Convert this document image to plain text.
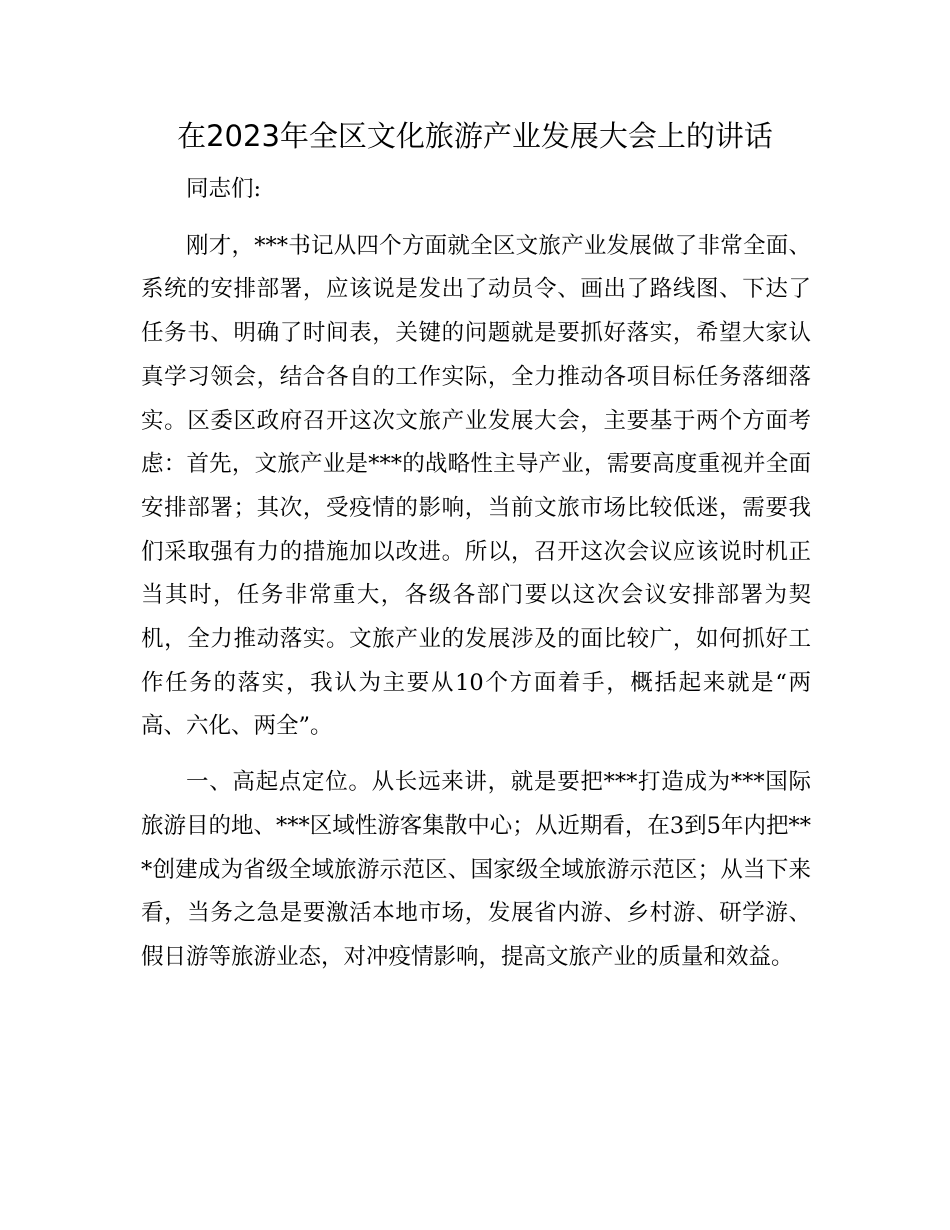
在2023年全区文化旅游产业发展大会上的讲话

同志们:

刚才，***书记从四个方面就全区文旅产业发展做了非常全面、系统的安排部署，应该说是发出了动员令、画出了路线图、下达了任务书、明确了时间表，关键的问题就是要抓好落实，希望大家认真学习领会，结合各自的工作实际，全力推动各项目标任务落细落实。区委区政府召开这次文旅产业发展大会，主要基于两个方面考虑：首先，文旅产业是***的战略性主导产业，需要高度重视并全面安排部署；其次，受疫情的影响，当前文旅市场比较低迷，需要我们采取强有力的措施加以改进。所以，召开这次会议应该说时机正当其时，任务非常重大，各级各部门要以这次会议安排部署为契机，全力推动落实。文旅产业的发展涉及的面比较广，如何抓好工作任务的落实，我认为主要从10个方面着手，概括起来就是“两高、六化、两全”。

一、高起点定位。从长远来讲，就是要把***打造成为***国际旅游目的地、***区域性游客集散中心；从近期看，在3到5年内把***创建成为省级全域旅游示范区、国家级全域旅游示范区；从当下来看，当务之急是要激活本地市场，发展省内游、乡村游、研学游、假日游等旅游业态，对冲疫情影响，提高文旅产业的质量和效益。
